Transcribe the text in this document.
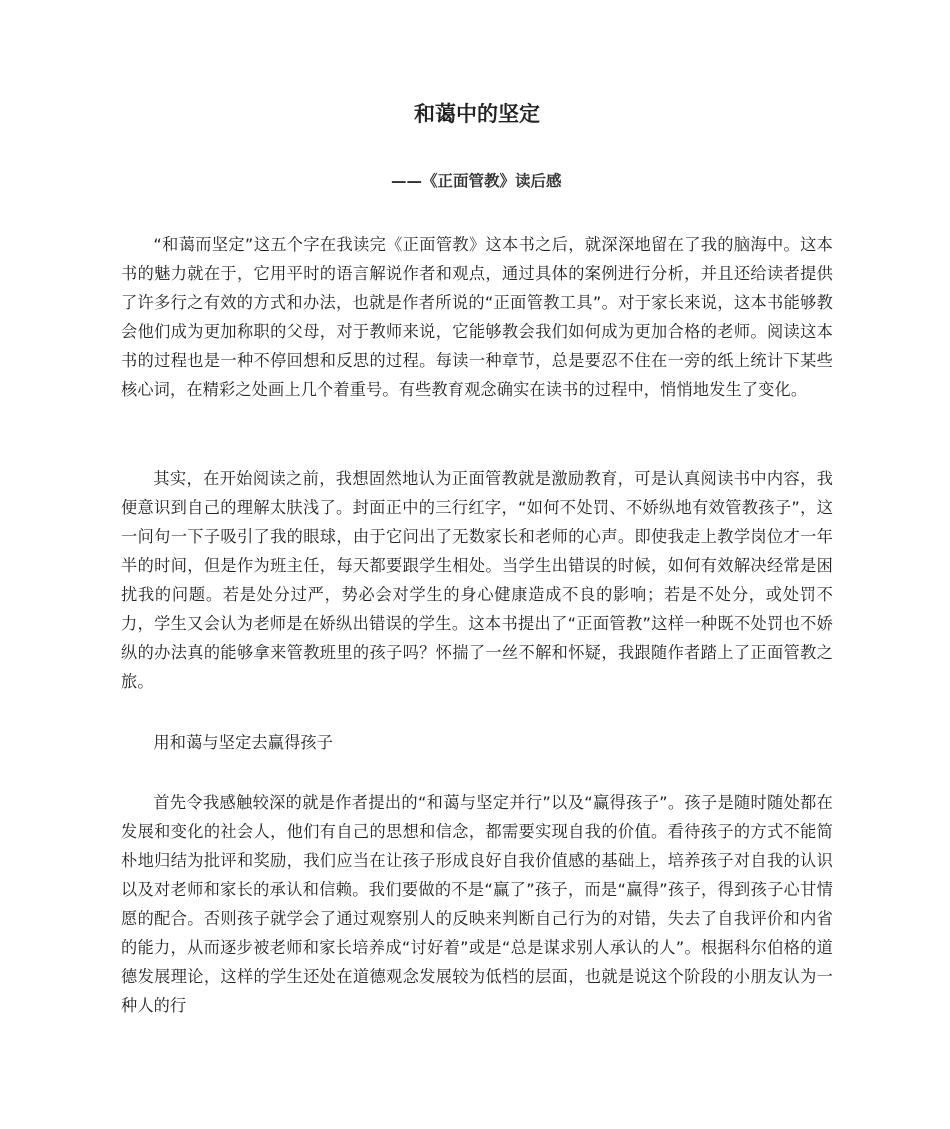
和蔼中的坚定
——《正面管教》读后感

“和蔼而坚定”这五个字在我读完《正面管教》这本书之后，就深深地留在了我的脑海中。这本书的魅力就在于，它用平时的语言解说作者和观点，通过具体的案例进行分析，并且还给读者提供了许多行之有效的方式和办法，也就是作者所说的“正面管教工具”。对于家长来说，这本书能够教会他们成为更加称职的父母，对于教师来说，它能够教会我们如何成为更加合格的老师。阅读这本书的过程也是一种不停回想和反思的过程。每读一种章节，总是要忍不住在一旁的纸上统计下某些核心词，在精彩之处画上几个着重号。有些教育观念确实在读书的过程中，悄悄地发生了变化。

其实，在开始阅读之前，我想固然地认为正面管教就是激励教育，可是认真阅读书中内容，我便意识到自己的理解太肤浅了。封面正中的三行红字，“如何不处罚、不娇纵地有效管教孩子”，这一问句一下子吸引了我的眼球，由于它问出了无数家长和老师的心声。即使我走上教学岗位才一年半的时间，但是作为班主任，每天都要跟学生相处。当学生出错误的时候，如何有效解决经常是困扰我的问题。若是处分过严，势必会对学生的身心健康造成不良的影响；若是不处分，或处罚不力，学生又会认为老师是在娇纵出错误的学生。这本书提出了“正面管教”这样一种既不处罚也不娇纵的办法真的能够拿来管教班里的孩子吗？怀揣了一丝不解和怀疑，我跟随作者踏上了正面管教之旅。

用和蔼与坚定去赢得孩子

首先令我感触较深的就是作者提出的“和蔼与坚定并行”以及“赢得孩子”。孩子是随时随处都在发展和变化的社会人，他们有自己的思想和信念，都需要实现自我的价值。看待孩子的方式不能简朴地归结为批评和奖励，我们应当在让孩子形成良好自我价值感的基础上，培养孩子对自我的认识以及对老师和家长的承认和信赖。我们要做的不是“赢了”孩子，而是“赢得”孩子，得到孩子心甘情愿的配合。否则孩子就学会了通过观察别人的反映来判断自己行为的对错，失去了自我评价和内省的能力，从而逐步被老师和家长培养成“讨好着”或是“总是谋求别人承认的人”。根据科尔伯格的道德发展理论，这样的学生还处在道德观念发展较为低档的层面，也就是说这个阶段的小朋友认为一种人的行
